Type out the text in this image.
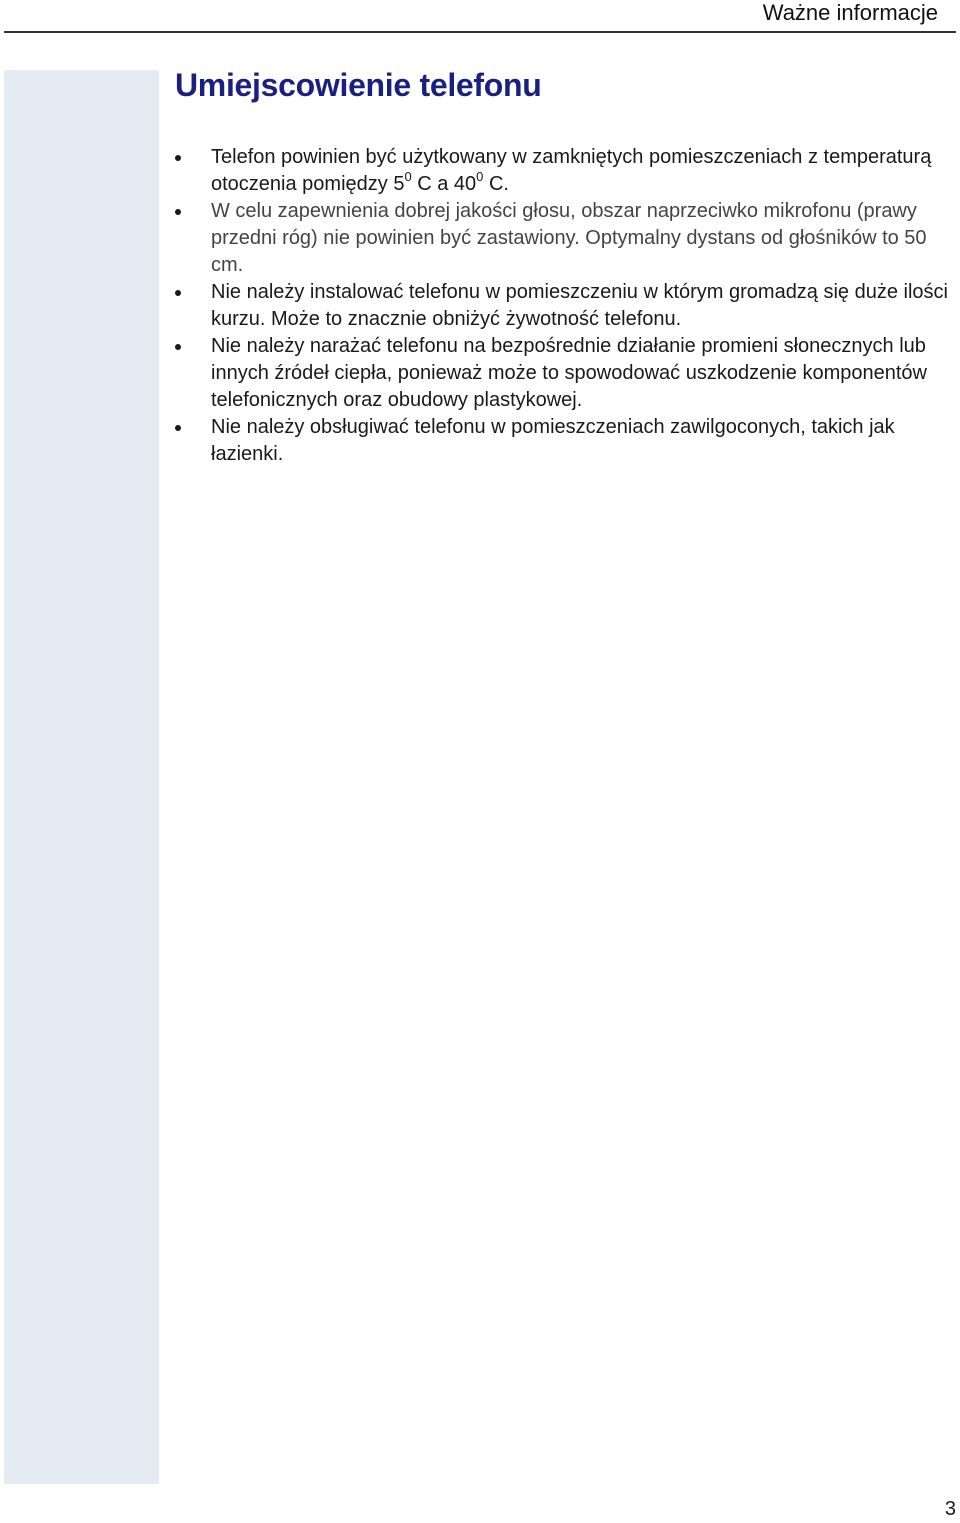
Ważne informacje
Umiejscowienie telefonu
Telefon powinien być użytkowany w zamkniętych pomieszczeniach z temperaturą otoczenia pomiędzy $5^0$ C a $40^0$ C.
W celu zapewnienia dobrej jakości głosu, obszar naprzeciwko mikrofonu (prawy przedni róg) nie powinien być zastawiony. Optymalny dystans od głośników to 50 cm.
Nie należy instalować telefonu w pomieszczeniu w którym gromadzą się duże ilości kurzu. Może to znacznie obniżyć żywotność telefonu.
Nie należy narażać telefonu na bezpośrednie działanie promieni słonecznych lub innych źródeł ciepła, ponieważ może to spowodować uszkodzenie komponentów telefonicznych oraz obudowy plastykowej.
Nie należy obsługiwać telefonu w pomieszczeniach zawilgoconych, takich jak łazienki.
3
